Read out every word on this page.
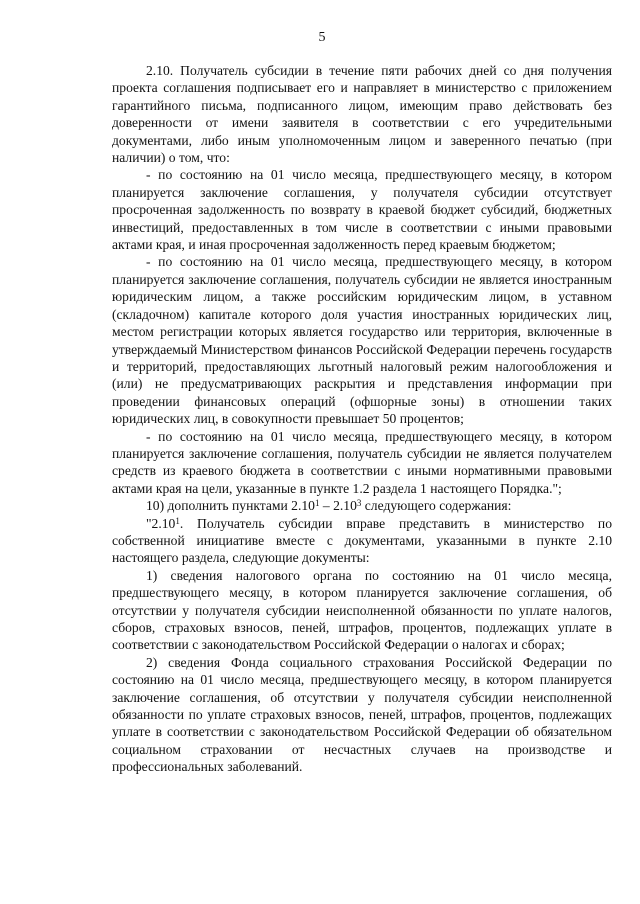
5

2.10. Получатель субсидии в течение пяти рабочих дней со дня получения проекта соглашения подписывает его и направляет в министерство с приложением гарантийного письма, подписанного лицом, имеющим право действовать без доверенности от имени заявителя в соответствии с его учредительными документами, либо иным уполномоченным лицом и заверенного печатью (при наличии) о том, что:

- по состоянию на 01 число месяца, предшествующего месяцу, в котором планируется заключение соглашения, у получателя субсидии отсутствует просроченная задолженность по возврату в краевой бюджет субсидий, бюджетных инвестиций, предоставленных в том числе в соответствии с иными правовыми актами края, и иная просроченная задолженность перед краевым бюджетом;

- по состоянию на 01 число месяца, предшествующего месяцу, в котором планируется заключение соглашения, получатель субсидии не является иностранным юридическим лицом, а также российским юридическим лицом, в уставном (складочном) капитале которого доля участия иностранных юридических лиц, местом регистрации которых является государство или территория, включенные в утверждаемый Министерством финансов Российской Федерации перечень государств и территорий, предоставляющих льготный налоговый режим налогообложения и (или) не предусматривающих раскрытия и представления информации при проведении финансовых операций (офшорные зоны) в отношении таких юридических лиц, в совокупности превышает 50 процентов;

- по состоянию на 01 число месяца, предшествующего месяцу, в котором планируется заключение соглашения, получатель субсидии не является получателем средств из краевого бюджета в соответствии с иными нормативными правовыми актами края на цели, указанные в пункте 1.2 раздела 1 настоящего Порядка.";

10) дополнить пунктами 2.10$^1$ – 2.10$^3$ следующего содержания:

"2.10$^1$. Получатель субсидии вправе представить в министерство по собственной инициативе вместе с документами, указанными в пункте 2.10 настоящего раздела, следующие документы:

1) сведения налогового органа по состоянию на 01 число месяца, предшествующего месяцу, в котором планируется заключение соглашения, об отсутствии у получателя субсидии неисполненной обязанности по уплате налогов, сборов, страховых взносов, пеней, штрафов, процентов, подлежащих уплате в соответствии с законодательством Российской Федерации о налогах и сборах;

2) сведения Фонда социального страхования Российской Федерации по состоянию на 01 число месяца, предшествующего месяцу, в котором планируется заключение соглашения, об отсутствии у получателя субсидии неисполненной обязанности по уплате страховых взносов, пеней, штрафов, процентов, подлежащих уплате в соответствии с законодательством Российской Федерации об обязательном социальном страховании от несчастных случаев на производстве и профессиональных заболеваний.
